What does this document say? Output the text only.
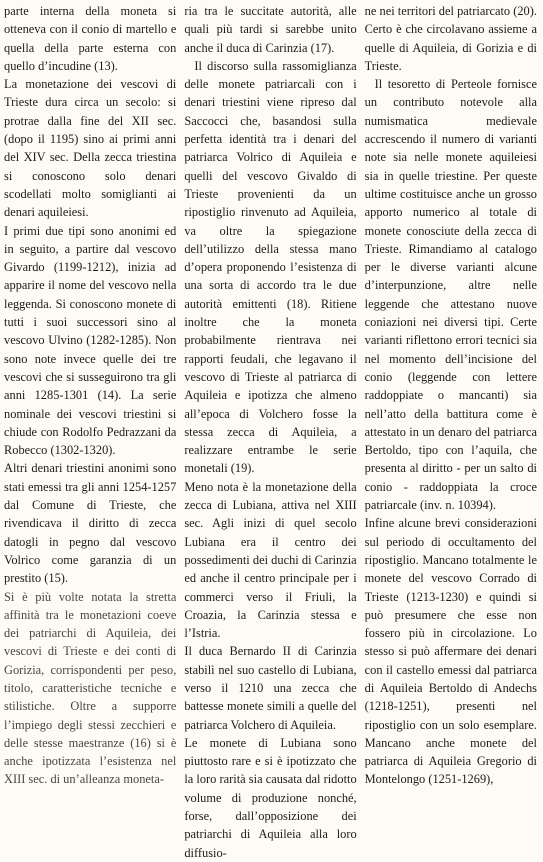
parte interna della moneta si otteneva con il conio di martello e quella della parte esterna con quello d’incudine (13).

La monetazione dei vescovi di Trieste dura circa un secolo: si protrae dalla fine del XII sec. (dopo il 1195) sino ai primi anni del XIV sec. Della zecca triestina si conoscono solo denari scodellati molto somiglianti ai denari aquileiesi.

I primi due tipi sono anonimi ed in seguito, a partire dal vescovo Givardo (1199-1212), inizia ad apparire il nome del vescovo nella leggenda. Si conoscono monete di tutti i suoi successori sino al vescovo Ulvino (1282-1285). Non sono note invece quelle dei tre vescovi che si susseguirono tra gli anni 1285-1301 (14). La serie nominale dei vescovi triestini si chiude con Rodolfo Pedrazzani da Robecco (1302-1320).

Altri denari triestini anonimi sono stati emessi tra gli anni 1254-1257 dal Comune di Trieste, che rivendicava il diritto di zecca datogli in pegno dal vescovo Volrico come garanzia di un prestito (15).

Si è più volte notata la stretta affinità tra le monetazioni coeve dei patriarchi di Aquileia, dei vescovi di Trieste e dei conti di Gorizia, corrispondenti per peso, titolo, caratteristiche tecniche e stilistiche. Oltre a supporre l’impiego degli stessi zecchieri e delle stesse maestranze (16) si è anche ipotizzata l’esistenza nel XIII sec. di un’alleanza moneta-

ria tra le succitate autorità, alle quali più tardi si sarebbe unito anche il duca di Carinzia (17).

Il discorso sulla rassomiglianza delle monete patriarcali con i denari triestini viene ripreso dal Saccocci che, basandosi sulla perfetta identità tra i denari del patriarca Volrico di Aquileia e quelli del vescovo Givaldo di Trieste provenienti da un ripostiglio rinvenuto ad Aquileia, va oltre la spiegazione dell’utilizzo della stessa mano d’opera proponendo l’esistenza di una sorta di accordo tra le due autorità emittenti (18). Ritiene inoltre che la moneta probabilmente rientrava nei rapporti feudali, che legavano il vescovo di Trieste al patriarca di Aquileia e ipotizza che almeno all’epoca di Volchero fosse la stessa zecca di Aquileia, a realizzare entrambe le serie monetali (19).

Meno nota è la monetazione della zecca di Lubiana, attiva nel XIII sec. Agli inizi di quel secolo Lubiana era il centro dei possedimenti dei duchi di Carinzia ed anche il centro principale per i commerci verso il Friuli, la Croazia, la Carinzia stessa e l’Istria.

Il duca Bernardo II di Carinzia stabilì nel suo castello di Lubiana, verso il 1210 una zecca che battesse monete simili a quelle del patriarca Volchero di Aquileia.

Le monete di Lubiana sono piuttosto rare e si è ipotizzato che la loro rarità sia causata dal ridotto volume di produzione nonché, forse, dall’opposizione dei patriarchi di Aquileia alla loro diffusio-

ne nei territori del patriarcato (20). Certo è che circolavano assieme a quelle di Aquileia, di Gorizia e di Trieste.

Il tesoretto di Perteole fornisce un contributo notevole alla numismatica medievale accrescendo il numero di varianti note sia nelle monete aquileiesi sia in quelle triestine. Per queste ultime costituisce anche un grosso apporto numerico al totale di monete conosciute della zecca di Trieste. Rimandiamo al catalogo per le diverse varianti alcune d’interpunzione, altre nelle leggende che attestano nuove coniazioni nei diversi tipi. Certe varianti riflettono errori tecnici sia nel momento dell’incisione del conio (leggende con lettere raddoppiate o mancanti) sia nell’atto della battitura come è attestato in un denaro del patriarca Bertoldo, tipo con l’aquila, che presenta al diritto - per un salto di conio - raddoppiata la croce patriarcale (inv. n. 10394).

Infine alcune brevi considerazioni sul periodo di occultamento del ripostiglio. Mancano totalmente le monete del vescovo Corrado di Trieste (1213-1230) e quindi si può presumere che esse non fossero più in circolazione. Lo stesso si può affermare dei denari con il castello emessi dal patriarca di Aquileia Bertoldo di Andechs (1218-1251), presenti nel ripostiglio con un solo esemplare. Mancano anche monete del patriarca di Aquileia Gregorio di Montelongo (1251-1269),
